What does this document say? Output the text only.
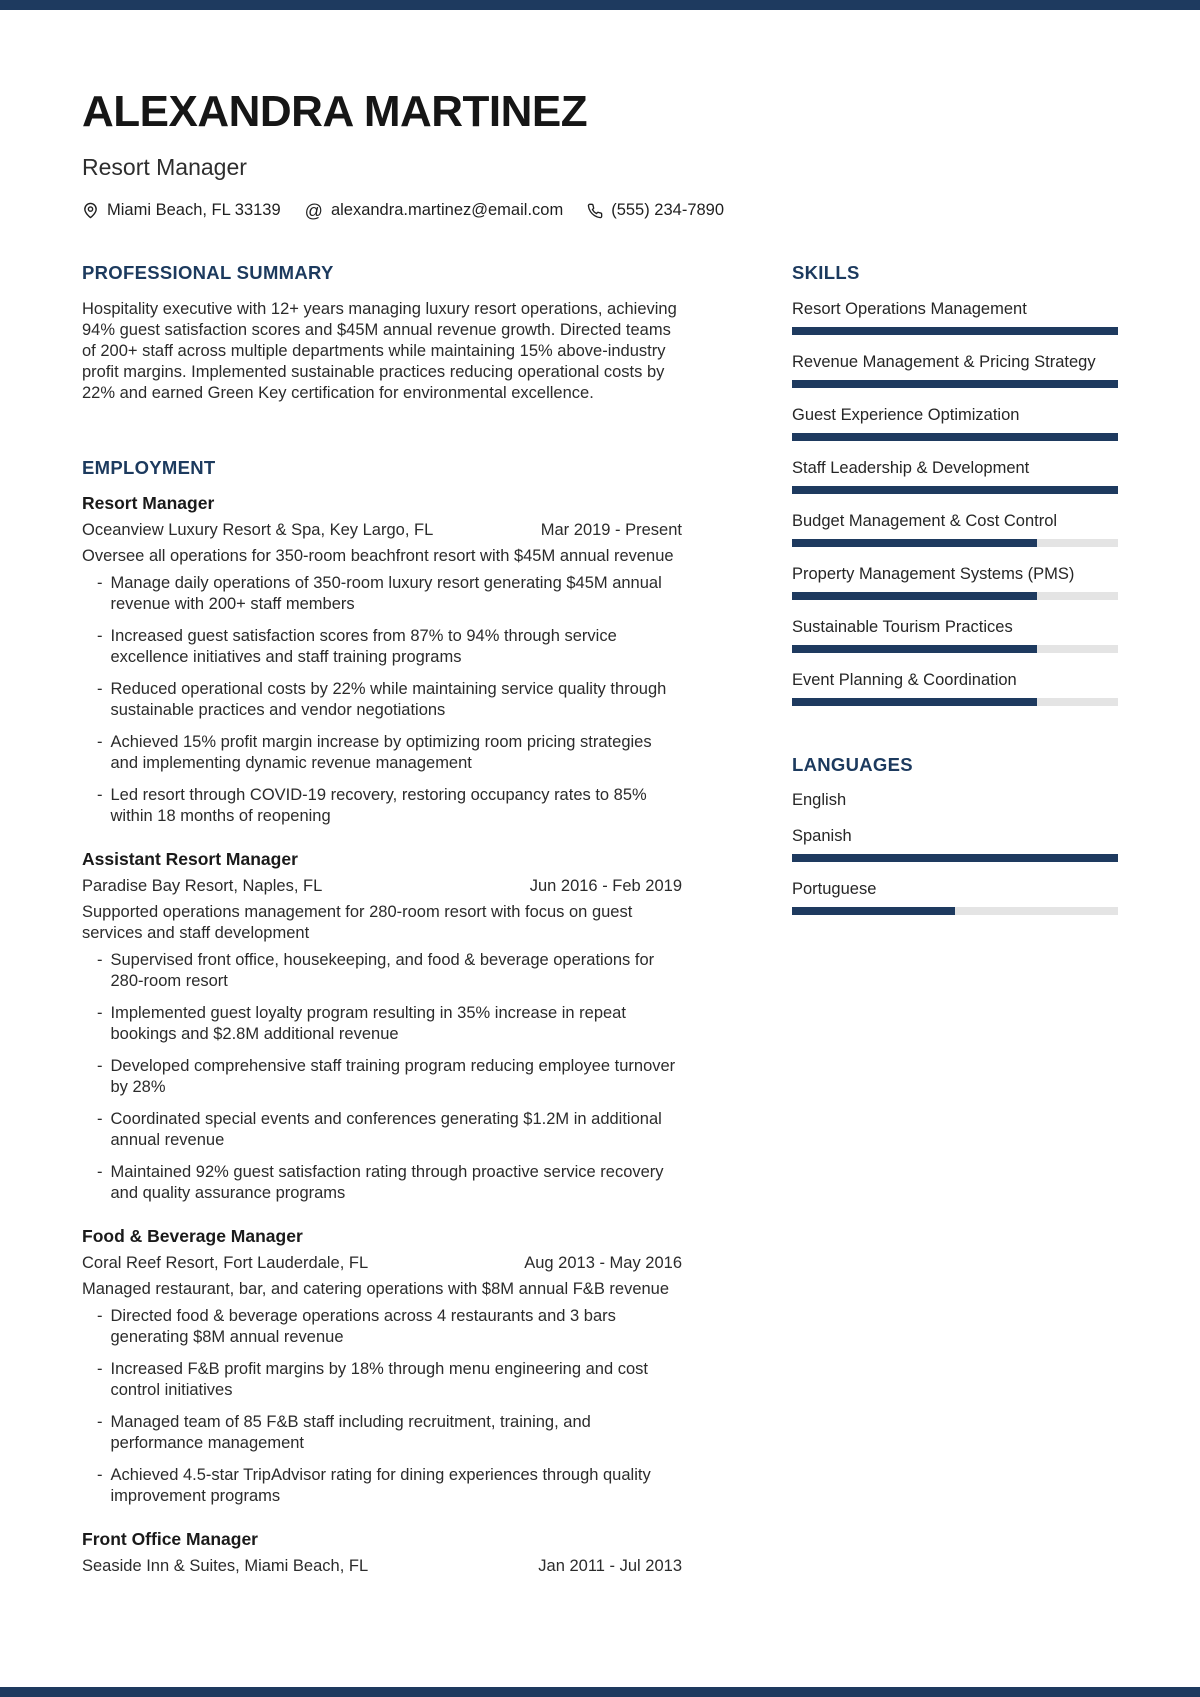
ALEXANDRA MARTINEZ
Resort Manager
Miami Beach, FL 33139 @ alexandra.martinez@email.com	(555) 234-7890
PROFESSIONAL SUMMARY

Hospitality executive with 12+ years managing luxury resort operations, achieving 94% guest satisfaction scores and $45M annual revenue growth. Directed teams of 200+ staff across multiple departments while maintaining 15% above-industry profit margins. Implemented sustainable practices reducing operational costs by 22% and earned Green Key certification for environmental excellence.

EMPLOYMENT
Resort Manager
Oceanview Luxury Resort & Spa, Key Largo, FL	Mar 2019 - Present
Oversee all operations for 350-room beachfront resort with $45M annual revenue
- Manage daily operations of 350-room luxury resort generating $45M annual revenue with 200+ staff members
- Increased guest satisfaction scores from 87% to 94% through service excellence initiatives and staff training programs
- Reduced operational costs by 22% while maintaining service quality through sustainable practices and vendor negotiations
- Achieved 15% profit margin increase by optimizing room pricing strategies and implementing dynamic revenue management
- Led resort through COVID-19 recovery, restoring occupancy rates to 85% within 18 months of reopening
Assistant Resort Manager
Paradise Bay Resort, Naples, FL	Jun 2016 - Feb 2019
Supported operations management for 280-room resort with focus on guest services and staff development
- Supervised front office, housekeeping, and food & beverage operations for 280-room resort
- Implemented guest loyalty program resulting in 35% increase in repeat bookings and $2.8M additional revenue
- Developed comprehensive staff training program reducing employee turnover by 28%
- Coordinated special events and conferences generating $1.2M in additional annual revenue
- Maintained 92% guest satisfaction rating through proactive service recovery and quality assurance programs
Food & Beverage Manager
Coral Reef Resort, Fort Lauderdale, FL	Aug 2013 - May 2016
Managed restaurant, bar, and catering operations with $8M annual F&B revenue
- Directed food & beverage operations across 4 restaurants and 3 bars generating $8M annual revenue
- Increased F&B profit margins by 18% through menu engineering and cost control initiatives
- Managed team of 85 F&B staff including recruitment, training, and performance management
- Achieved 4.5-star TripAdvisor rating for dining experiences through quality improvement programs
Front Office Manager
Seaside Inn & Suites, Miami Beach, FL	Jan 2011 - Jul 2013
SKILLS
Resort Operations Management
Revenue Management & Pricing Strategy
Guest Experience Optimization
Staff Leadership & Development
Budget Management & Cost Control
Property Management Systems (PMS)
Sustainable Tourism Practices
Event Planning & Coordination
LANGUAGES
English
Spanish
Portuguese
